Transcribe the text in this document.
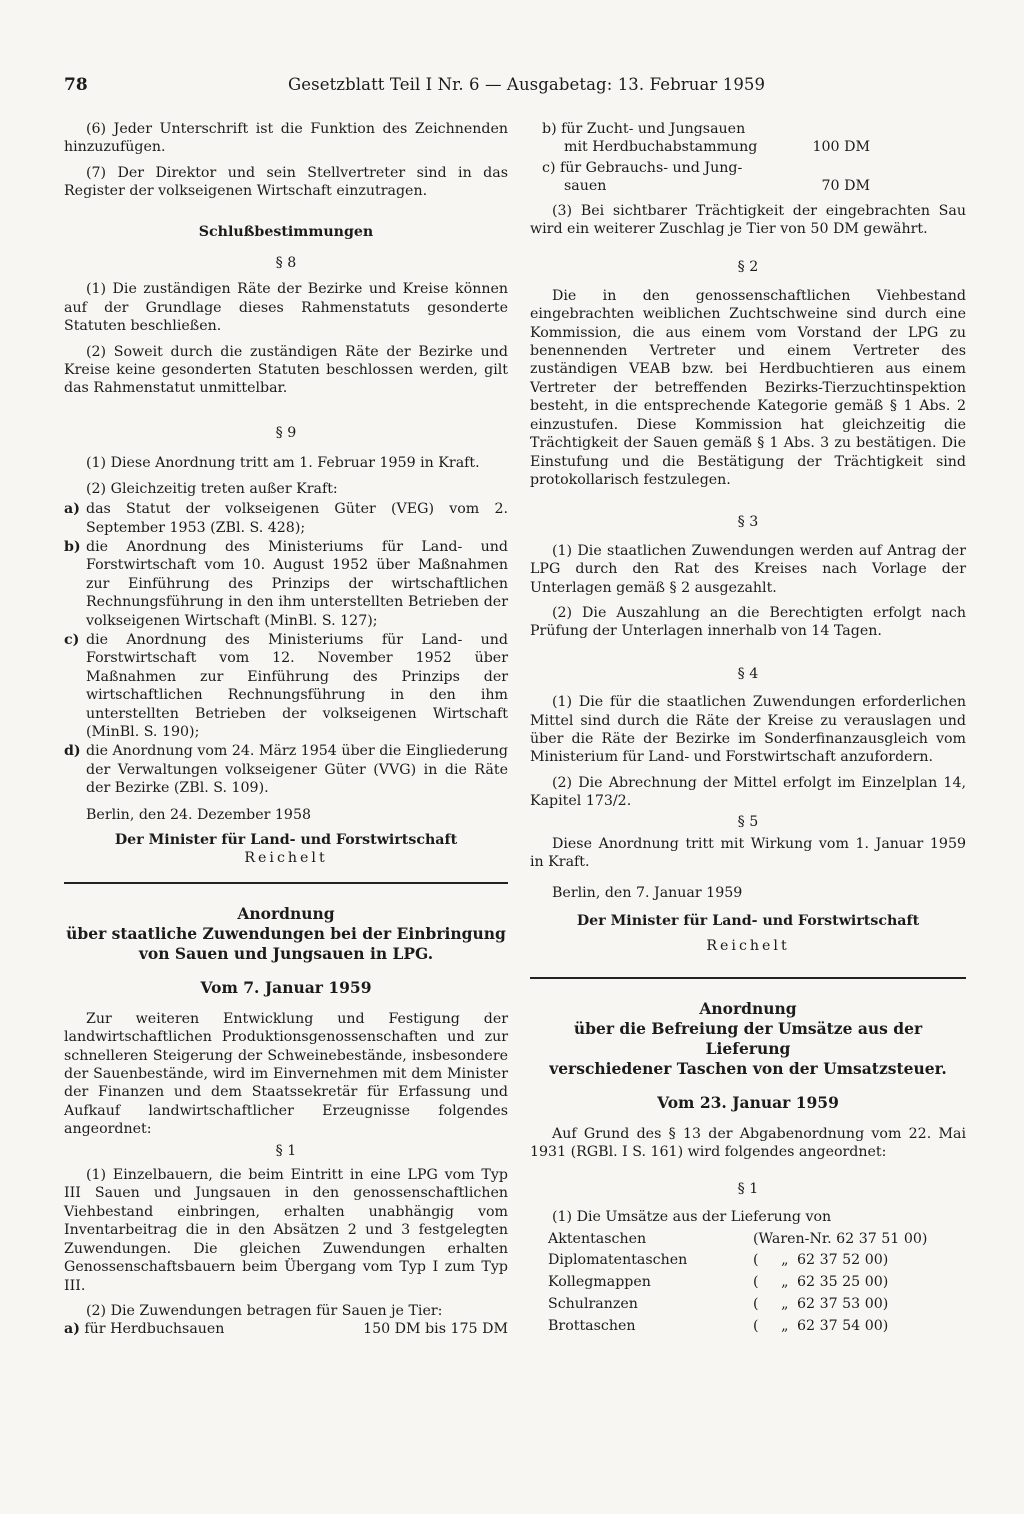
78	Gesetzblatt Teil I Nr. 6 — Ausgabetag: 13. Februar 1959

(6) Jeder Unterschrift ist die Funktion des Zeichnenden hinzuzufügen.

(7) Der Direktor und sein Stellvertreter sind in das Register der volkseigenen Wirtschaft einzutragen.

Schlußbestimmungen
§ 8

(1) Die zuständigen Räte der Bezirke und Kreise können auf der Grundlage dieses Rahmenstatuts gesonderte Statuten beschließen.

(2) Soweit durch die zuständigen Räte der Bezirke und Kreise keine gesonderten Statuten beschlossen werden, gilt das Rahmenstatut unmittelbar.

§ 9

(1) Diese Anordnung tritt am 1. Februar 1959 in Kraft.

(2) Gleichzeitig treten außer Kraft:

a) das Statut der volkseigenen Güter (VEG) vom 2. September 1953 (ZBl. S. 428);
b) die Anordnung des Ministeriums für Land- und Forstwirtschaft vom 10. August 1952 über Maßnahmen zur Einführung des Prinzips der wirtschaftlichen Rechnungsführung in den ihm unterstellten Betrieben der volkseigenen Wirtschaft (MinBl. S. 127);
c) die Anordnung des Ministeriums für Land- und Forstwirtschaft vom 12. November 1952 über Maßnahmen zur Einführung des Prinzips der wirtschaftlichen Rechnungsführung in den ihm unterstellten Betrieben der volkseigenen Wirtschaft (MinBl. S. 190);
d) die Anordnung vom 24. März 1954 über die Eingliederung der Verwaltungen volkseigener Güter (VVG) in die Räte der Bezirke (ZBl. S. 109).

Berlin, den 24. Dezember 1958

Der Minister für Land- und Forstwirtschaft
Reichelt
Anordnung
über staatliche Zuwendungen bei der Einbringung
von Sauen und Jungsauen in LPG.
Vom 7. Januar 1959

Zur weiteren Entwicklung und Festigung der landwirtschaftlichen Produktionsgenossenschaften und zur schnelleren Steigerung der Schweinebestände, insbesondere der Sauenbestände, wird im Einvernehmen mit dem Minister der Finanzen und dem Staatssekretär für Erfassung und Aufkauf landwirtschaftlicher Erzeugnisse folgendes angeordnet:

§ 1

(1) Einzelbauern, die beim Eintritt in eine LPG vom Typ III Sauen und Jungsauen in den genossenschaftlichen Viehbestand einbringen, erhalten unabhängig vom Inventarbeitrag die in den Absätzen 2 und 3 festgelegten Zuwendungen. Die gleichen Zuwendungen erhalten Genossenschaftsbauern beim Übergang vom Typ I zum Typ III.

(2) Die Zuwendungen betragen für Sauen je Tier:

a) für Herdbuchsauen	150 DM bis 175 DM
b) für Zucht- und Jungsauen
mit Herdbuchabstammung	100 DM
c) für Gebrauchs- und Jung-
sauen	70 DM

(3) Bei sichtbarer Trächtigkeit der eingebrachten Sau wird ein weiterer Zuschlag je Tier von 50 DM gewährt.

§ 2

Die in den genossenschaftlichen Viehbestand eingebrachten weiblichen Zuchtschweine sind durch eine Kommission, die aus einem vom Vorstand der LPG zu benennenden Vertreter und einem Vertreter des zuständigen VEAB bzw. bei Herdbuchtieren aus einem Vertreter der betreffenden Bezirks-Tierzuchtinspektion besteht, in die entsprechende Kategorie gemäß § 1 Abs. 2 einzustufen. Diese Kommission hat gleichzeitig die Trächtigkeit der Sauen gemäß § 1 Abs. 3 zu bestätigen. Die Einstufung und die Bestätigung der Trächtigkeit sind protokollarisch festzulegen.

§ 3

(1) Die staatlichen Zuwendungen werden auf Antrag der LPG durch den Rat des Kreises nach Vorlage der Unterlagen gemäß § 2 ausgezahlt.

(2) Die Auszahlung an die Berechtigten erfolgt nach Prüfung der Unterlagen innerhalb von 14 Tagen.

§ 4

(1) Die für die staatlichen Zuwendungen erforderlichen Mittel sind durch die Räte der Kreise zu verauslagen und über die Räte der Bezirke im Sonderfinanzausgleich vom Ministerium für Land- und Forstwirtschaft anzufordern.

(2) Die Abrechnung der Mittel erfolgt im Einzelplan 14, Kapitel 173/2.

§ 5

Diese Anordnung tritt mit Wirkung vom 1. Januar 1959 in Kraft.

Berlin, den 7. Januar 1959

Der Minister für Land- und Forstwirtschaft
Reichelt
Anordnung
über die Befreiung der Umsätze aus der Lieferung
verschiedener Taschen von der Umsatzsteuer.
Vom 23. Januar 1959

Auf Grund des § 13 der Abgabenordnung vom 22. Mai 1931 (RGBl. I S. 161) wird folgendes angeordnet:

§ 1

(1) Die Umsätze aus der Lieferung von

Aktentaschen	(Waren-Nr. 62 37 51 00)	
Diplomatentaschen	( „	62 37 52 00)
Kollegmappen	( „	62 35 25 00)
Schulranzen	( „	62 37 53 00)
Brottaschen	( „	62 37 54 00)
